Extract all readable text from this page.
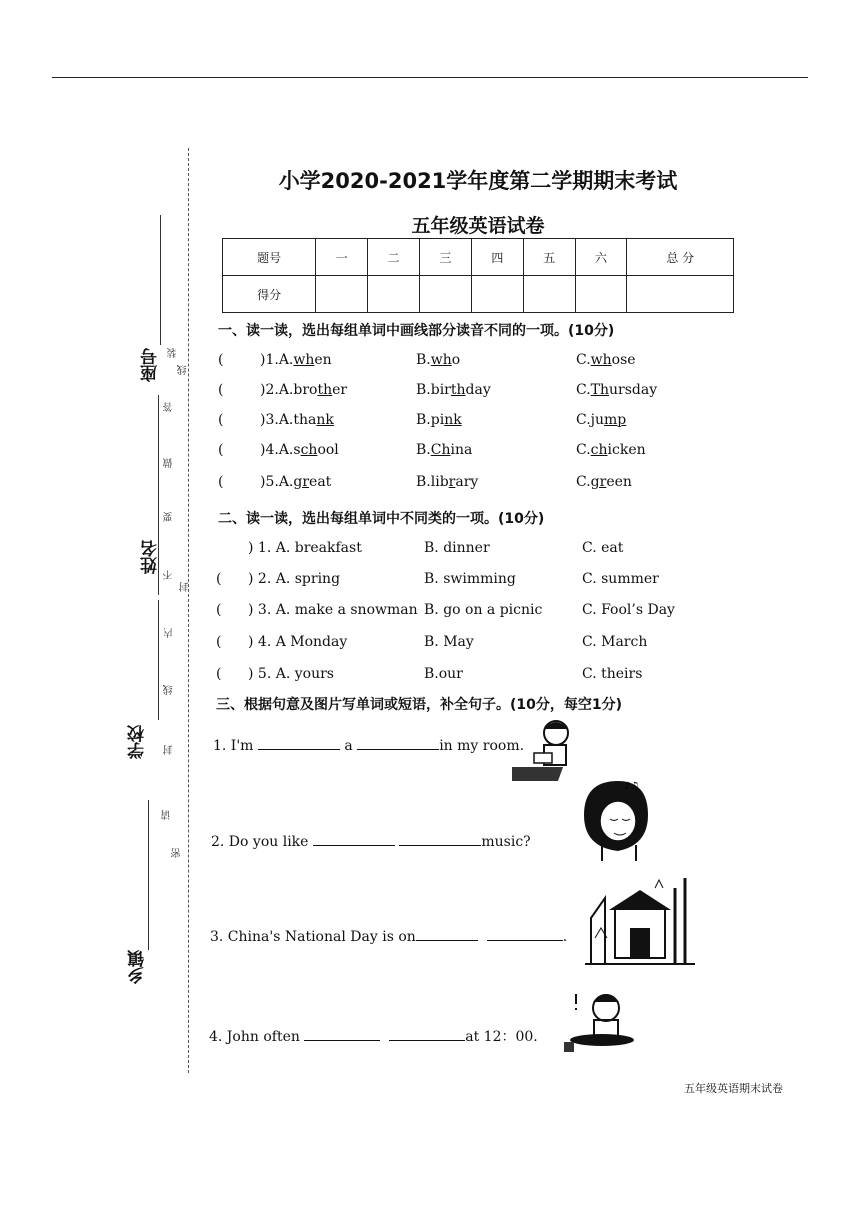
座号
姓名
学校
乡镇
装
线
答
做
要
不
封
内
线
封
请
密
小学2020-2021学年度第二学期期末考试
五年级英语试卷
题号	一	二	三	四	五	六	总 分
得分							
一、读一读，选出每组单词中画线部分读音不同的一项。(10分)
(	)1.A.when	B.who	C.whose
(	)2.A.brother	B.birthday	C.Thursday
(	)3.A.thank	B.pink	C.jump
(	)4.A.school	B.China	C.chicken
(	)5.A.great	B.library	C.green
二、读一读，选出每组单词中不同类的一项。(10分)
) 1. A. breakfast	B. dinner	C. eat
( ) 2. A. spring	B. swimming	C. summer
( ) 3. A. make a snowman B. go on a picnic	C. Fool’s Day
( ) 4. A Monday	B. May	C. March
( ) 5. A. yours	B.our	C. theirs
三、根据句意及图片写单词或短语，补全句子。(10分，每空1分)
1. I'm	a	in my room.
2. Do you like	music?
3. China's National Day is on	.
4. John often	at 12：00.
♪♫
五年级英语期末试卷
